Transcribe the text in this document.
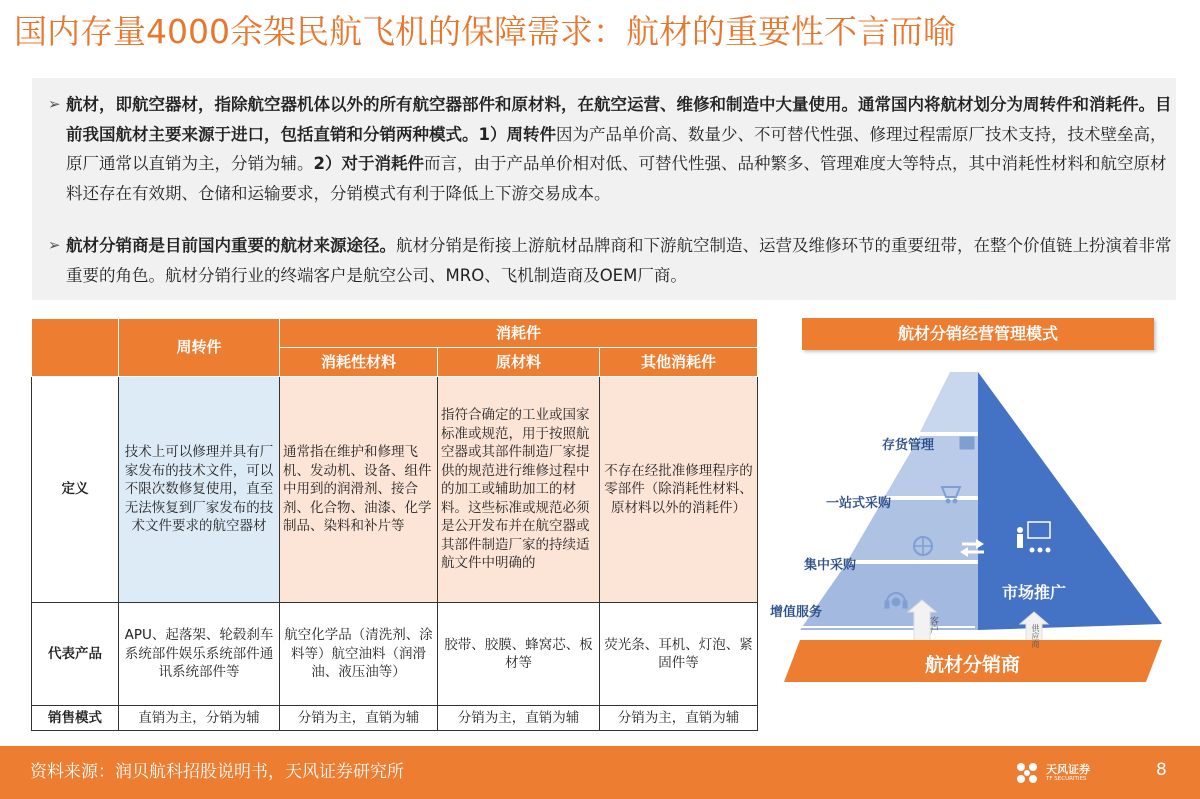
国内存量4000余架民航飞机的保障需求：航材的重要性不言而喻
➢ 航材，即航空器材，指除航空器机体以外的所有航空器部件和原材料，在航空运营、维修和制造中大量使用。通常国内将航材划分为周转件和消耗件。目前我国航材主要来源于进口，包括直销和分销两种模式。1）周转件因为产品单价高、数量少、不可替代性强、修理过程需原厂技术支持，技术壁垒高，原厂通常以直销为主，分销为辅。2）对于消耗件而言，由于产品单价相对低、可替代性强、品种繁多、管理难度大等特点，其中消耗性材料和航空原材料还存在有效期、仓储和运输要求，分销模式有利于降低上下游交易成本。
➢ 航材分销商是目前国内重要的航材来源途径。航材分销是衔接上游航材品牌商和下游航空制造、运营及维修环节的重要纽带，在整个价值链上扮演着非常重要的角色。航材分销行业的终端客户是航空公司、MRO、飞机制造商及OEM厂商。
	周转件	消耗件		
		消耗性材料	原材料	其他消耗件
定义	技术上可以修理并具有厂家发布的技术文件，可以不限次数修复使用，直至无法恢复到厂家发布的技术文件要求的航空器材	通常指在维护和修理飞机、发动机、设备、组件中用到的润滑剂、接合剂、化合物、油漆、化学制品、染料和补片等	指符合确定的工业或国家标准或规范，用于按照航空器或其部件制造厂家提供的规范进行维修过程中的加工或辅助加工的材料。这些标准或规范必须是公开发布并在航空器或其部件制造厂家的持续适航文件中明确的	不存在经批准修理程序的零部件（除消耗性材料、原材料以外的消耗件）
代表产品	APU、起落架、轮毂刹车系统部件娱乐系统部件通讯系统部件等	航空化学品（清洗剂、涂料等）航空油料（润滑油、液压油等）	胶带、胶膜、蜂窝芯、板材等	荧光条、耳机、灯泡、紧固件等
销售模式	直销为主，分销为辅	分销为主，直销为辅	分销为主，直销为辅	分销为主，直销为辅
航材分销经营管理模式
存货管理
一站式采购
集中采购
增值服务
市场推广
客户	供应商
航材分销商
资料来源：润贝航科招股说明书，天风证券研究所	天风证券
TF SECURITIES	8
